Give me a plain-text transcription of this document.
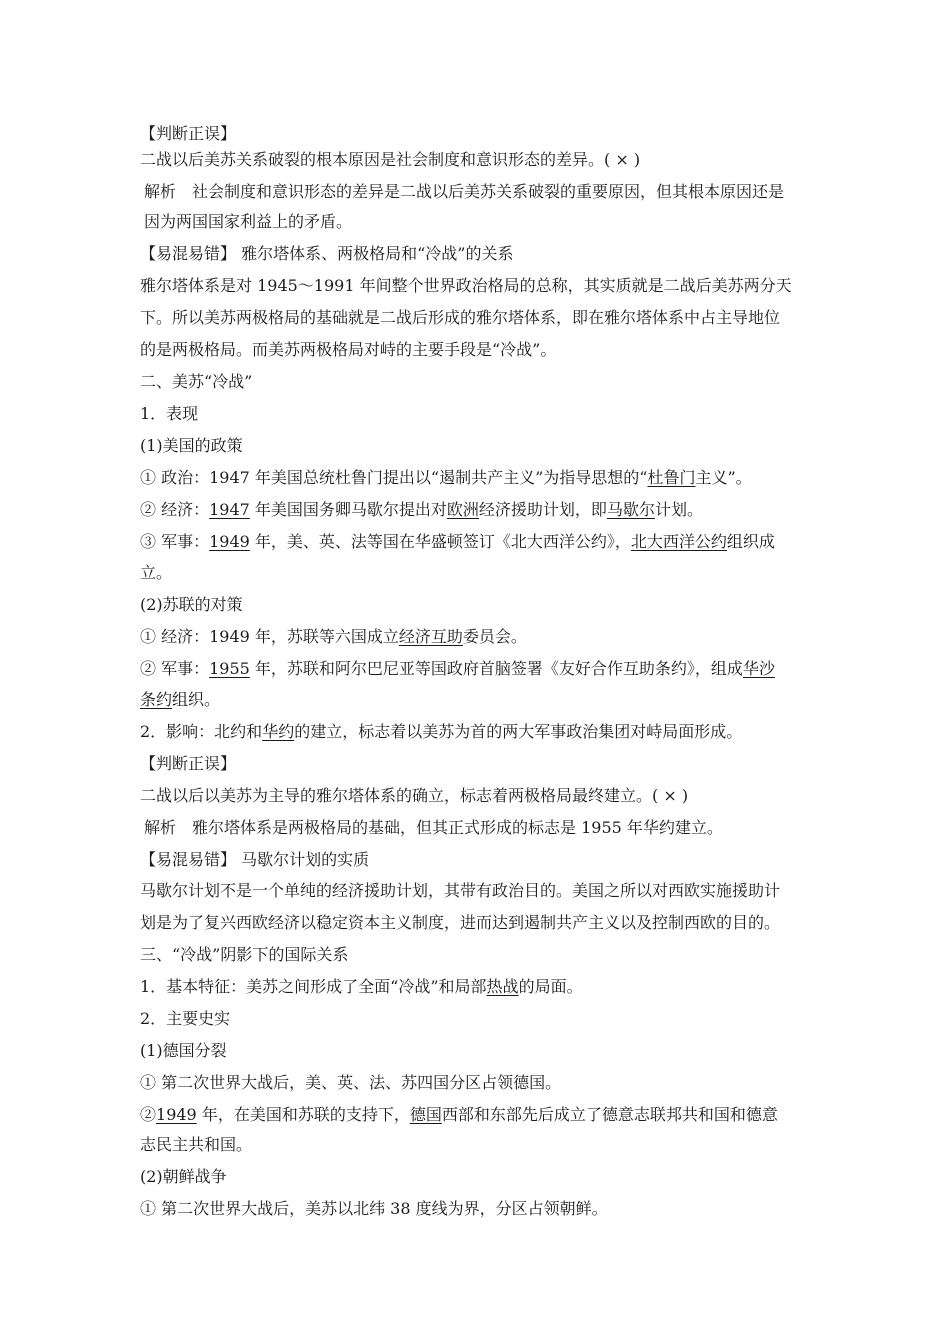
【判断正误】
二战以后美苏关系破裂的根本原因是社会制度和意识形态的差异。( × )
解析　社会制度和意识形态的差异是二战以后美苏关系破裂的重要原因，但其根本原因还是
因为两国国家利益上的矛盾。
【易混易错】 雅尔塔体系、两极格局和“冷战”的关系
雅尔塔体系是对 1945～1991 年间整个世界政治格局的总称，其实质就是二战后美苏两分天
下。所以美苏两极格局的基础就是二战后形成的雅尔塔体系，即在雅尔塔体系中占主导地位
的是两极格局。而美苏两极格局对峙的主要手段是“冷战”。
二、美苏“冷战”
1．表现
(1)美国的政策
① 政治：1947 年美国总统杜鲁门提出以“遏制共产主义”为指导思想的“杜鲁门主义”。
② 经济：1947 年美国国务卿马歇尔提出对欧洲经济援助计划，即马歇尔计划。
③ 军事：1949 年，美、英、法等国在华盛顿签订《北大西洋公约》，北大西洋公约组织成
立。
(2)苏联的对策
① 经济：1949 年，苏联等六国成立经济互助委员会。
② 军事：1955 年，苏联和阿尔巴尼亚等国政府首脑签署《友好合作互助条约》，组成华沙
条约组织。
2．影响：北约和华约的建立，标志着以美苏为首的两大军事政治集团对峙局面形成。
【判断正误】
二战以后以美苏为主导的雅尔塔体系的确立，标志着两极格局最终建立。( × )
解析　雅尔塔体系是两极格局的基础，但其正式形成的标志是 1955 年华约建立。
【易混易错】 马歇尔计划的实质
马歇尔计划不是一个单纯的经济援助计划，其带有政治目的。美国之所以对西欧实施援助计
划是为了复兴西欧经济以稳定资本主义制度，进而达到遏制共产主义以及控制西欧的目的。
三、“冷战”阴影下的国际关系
1．基本特征：美苏之间形成了全面“冷战”和局部热战的局面。
2．主要史实
(1)德国分裂
① 第二次世界大战后，美、英、法、苏四国分区占领德国。
②1949 年，在美国和苏联的支持下，德国西部和东部先后成立了德意志联邦共和国和德意
志民主共和国。
(2)朝鲜战争
① 第二次世界大战后，美苏以北纬 38 度线为界，分区占领朝鲜。
